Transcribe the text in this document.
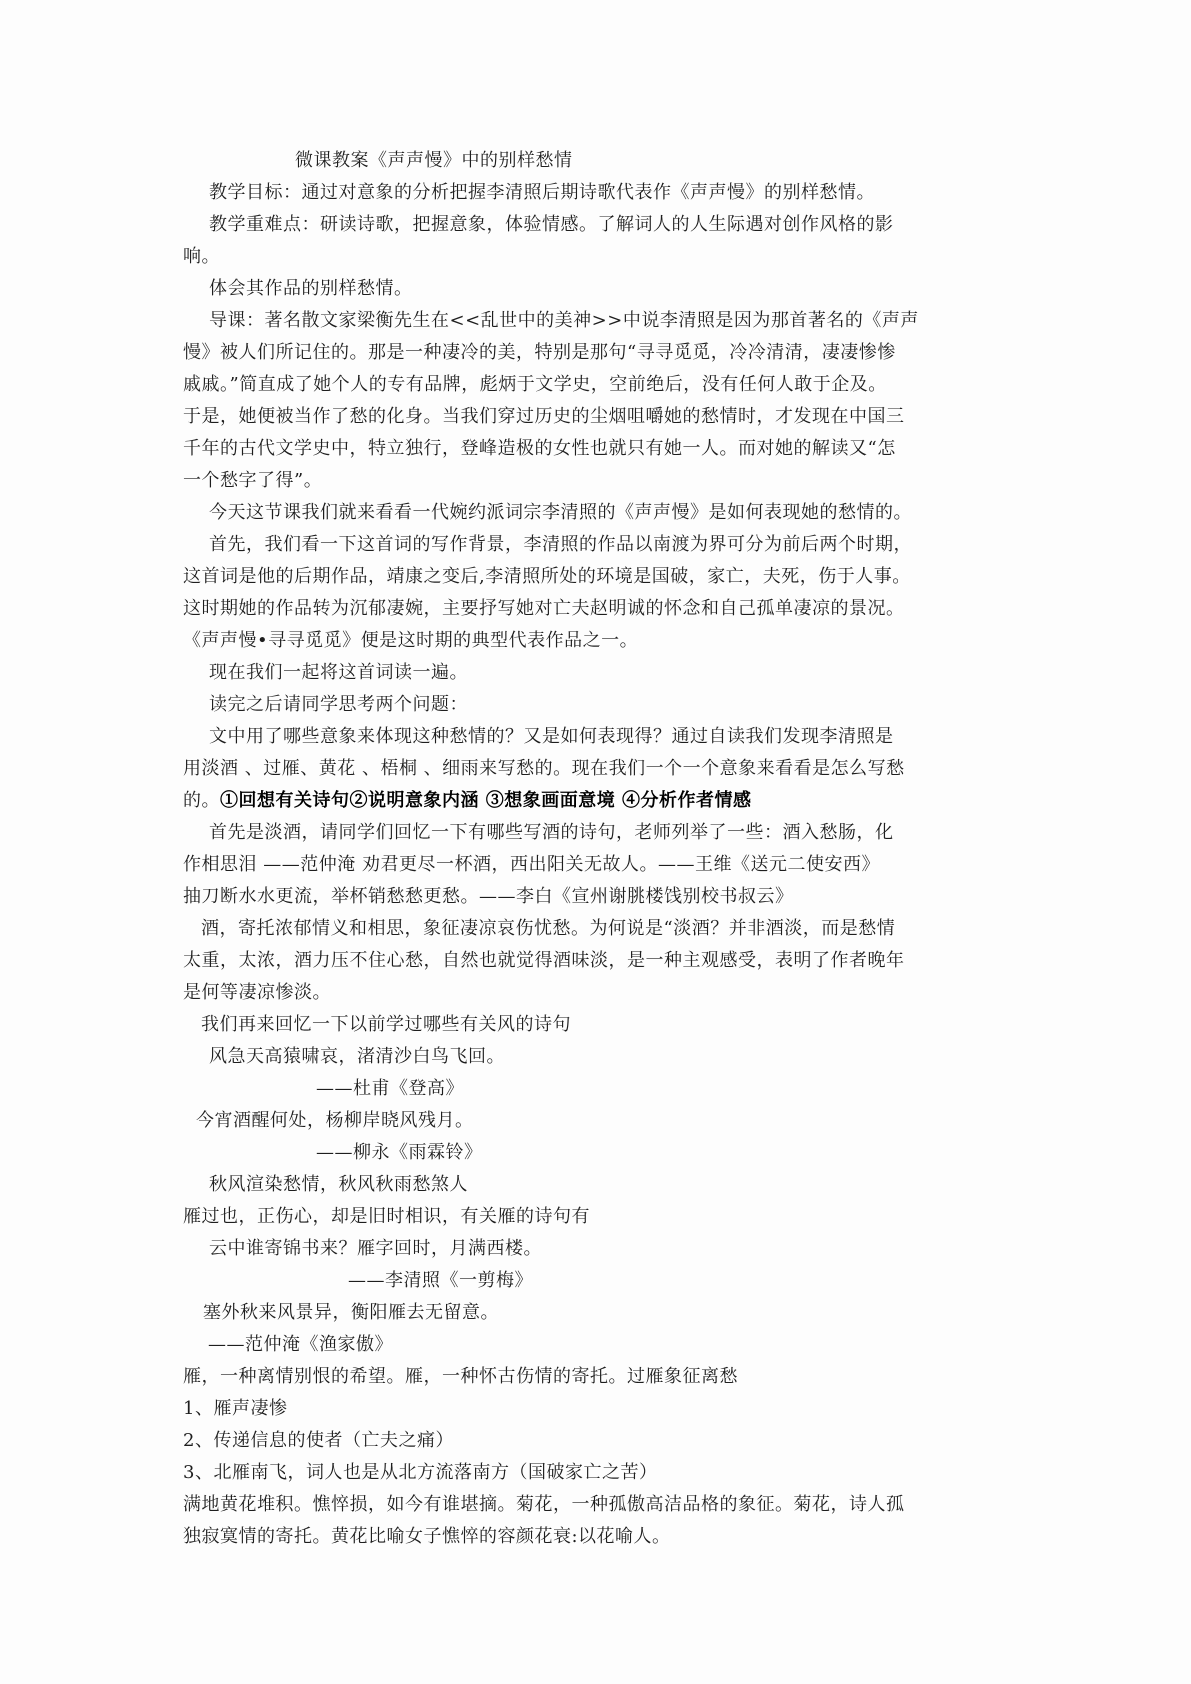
微课教案《声声慢》中的别样愁情
教学目标：通过对意象的分析把握李清照后期诗歌代表作《声声慢》的别样愁情。
教学重难点：研读诗歌，把握意象，体验情感。了解词人的人生际遇对创作风格的影
响。
体会其作品的别样愁情。
导课：著名散文家梁衡先生在<<乱世中的美神>>中说李清照是因为那首著名的《声声
慢》被人们所记住的。那是一种凄冷的美，特别是那句“寻寻觅觅，冷冷清清，凄凄惨惨
戚戚。”简直成了她个人的专有品牌，彪炳于文学史，空前绝后，没有任何人敢于企及。
于是，她便被当作了愁的化身。当我们穿过历史的尘烟咀嚼她的愁情时，才发现在中国三
千年的古代文学史中，特立独行，登峰造极的女性也就只有她一人。而对她的解读又“怎
一个愁字了得”。
今天这节课我们就来看看一代婉约派词宗李清照的《声声慢》是如何表现她的愁情的。
首先，我们看一下这首词的写作背景，李清照的作品以南渡为界可分为前后两个时期，
这首词是他的后期作品，靖康之变后,李清照所处的环境是国破，家亡，夫死，伤于人事。
这时期她的作品转为沉郁凄婉，主要抒写她对亡夫赵明诚的怀念和自己孤单凄凉的景况。
《声声慢•寻寻觅觅》便是这时期的典型代表作品之一。
现在我们一起将这首词读一遍。
读完之后请同学思考两个问题：
文中用了哪些意象来体现这种愁情的？又是如何表现得？通过自读我们发现李清照是
用淡酒 、过雁、黄花 、梧桐 、细雨来写愁的。现在我们一个一个意象来看看是怎么写愁
的。①回想有关诗句②说明意象内涵 ③想象画面意境 ④分析作者情感
首先是淡酒，请同学们回忆一下有哪些写酒的诗句，老师列举了一些：酒入愁肠，化
作相思泪 ——范仲淹 劝君更尽一杯酒，西出阳关无故人。——王维《送元二使安西》
抽刀断水水更流，举杯销愁愁更愁。——李白《宣州谢朓楼饯别校书叔云》
酒，寄托浓郁情义和相思，象征凄凉哀伤忧愁。为何说是“淡酒？并非酒淡，而是愁情
太重，太浓，酒力压不住心愁，自然也就觉得酒味淡，是一种主观感受，表明了作者晚年
是何等凄凉惨淡。
我们再来回忆一下以前学过哪些有关风的诗句
风急天高猿啸哀，渚清沙白鸟飞回。
——杜甫《登高》
今宵酒醒何处，杨柳岸晓风残月。
——柳永《雨霖铃》
秋风渲染愁情，秋风秋雨愁煞人
雁过也，正伤心，却是旧时相识，有关雁的诗句有
云中谁寄锦书来？雁字回时，月满西楼。
——李清照《一剪梅》
塞外秋来风景异，衡阳雁去无留意。
——范仲淹《渔家傲》
雁，一种离情别恨的希望。雁，一种怀古伤情的寄托。过雁象征离愁
1、雁声凄惨
2、传递信息的使者（亡夫之痛）
3、北雁南飞，词人也是从北方流落南方（国破家亡之苦）
满地黄花堆积。憔悴损，如今有谁堪摘。菊花，一种孤傲高洁品格的象征。菊花，诗人孤
独寂寞情的寄托。黄花比喻女子憔悴的容颜花衰:以花喻人。
